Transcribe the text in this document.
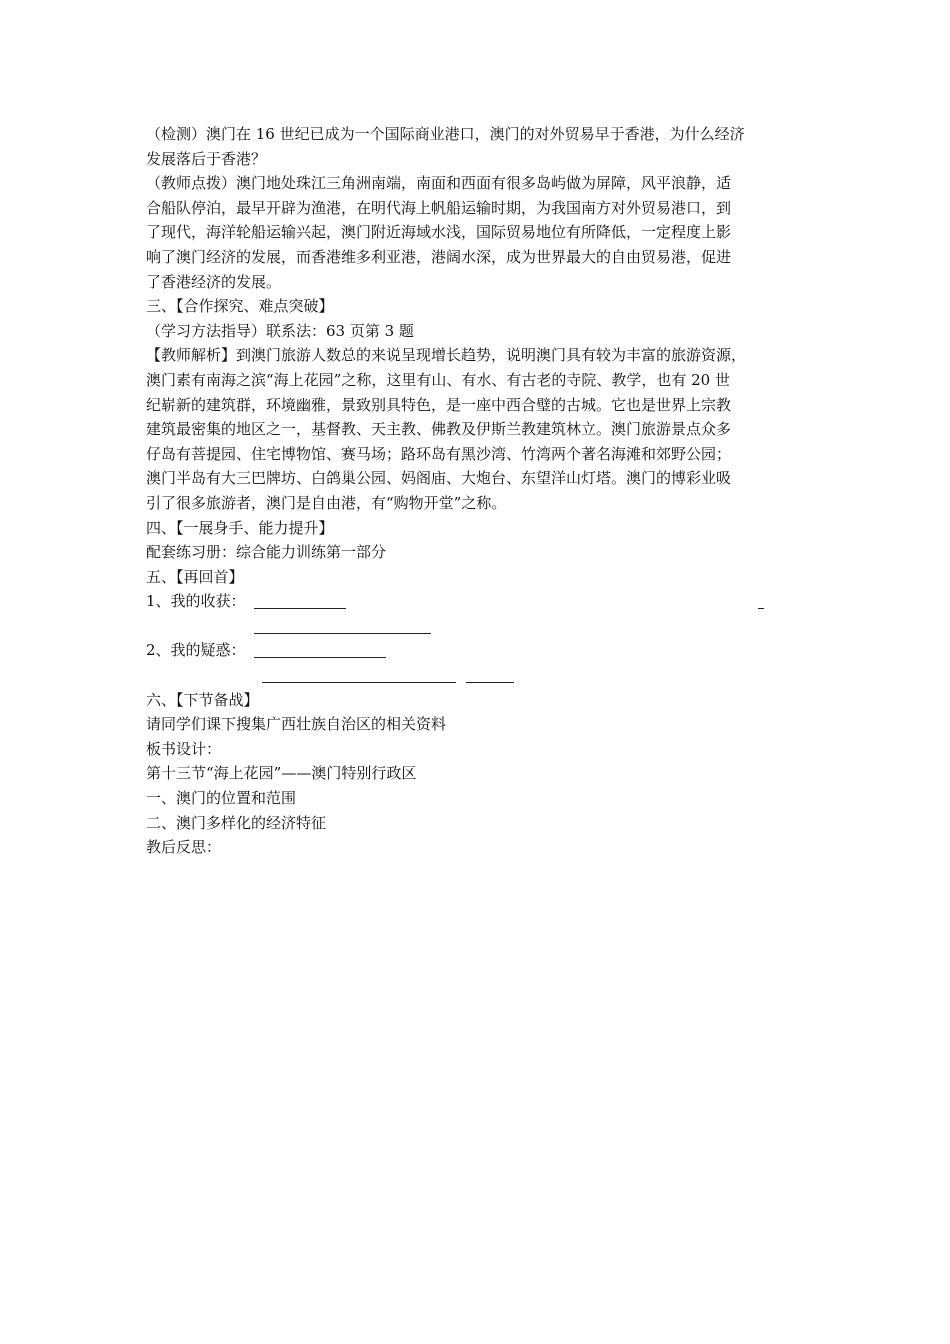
（检测）澳门在 16 世纪已成为一个国际商业港口，澳门的对外贸易早于香港，为什么经济
发展落后于香港？
（教师点拨）澳门地处珠江三角洲南端，南面和西面有很多岛屿做为屏障，风平浪静，适
合船队停泊，最早开辟为渔港，在明代海上帆船运输时期，为我国南方对外贸易港口，到
了现代，海洋轮船运输兴起，澳门附近海域水浅，国际贸易地位有所降低，一定程度上影
响了澳门经济的发展，而香港维多利亚港，港阔水深，成为世界最大的自由贸易港，促进
了香港经济的发展。
三、【合作探究、难点突破】
（学习方法指导）联系法：63 页第 3 题
【教师解析】到澳门旅游人数总的来说呈现增长趋势，说明澳门具有较为丰富的旅游资源，
澳门素有南海之滨“海上花园”之称，这里有山、有水、有古老的寺院、教学，也有 20 世
纪崭新的建筑群，环境幽雅，景致别具特色，是一座中西合璧的古城。它也是世界上宗教
建筑最密集的地区之一，基督教、天主教、佛教及伊斯兰教建筑林立。澳门旅游景点众多
仔岛有菩提园、住宅博物馆、赛马场；路环岛有黑沙湾、竹湾两个著名海滩和郊野公园；
澳门半岛有大三巴牌坊、白鸽巢公园、妈阁庙、大炮台、东望洋山灯塔。澳门的博彩业吸
引了很多旅游者，澳门是自由港，有“购物开堂”之称。
四、【一展身手、能力提升】
配套练习册：综合能力训练第一部分
五、【再回首】
1、我的收获：
2、我的疑惑：
六、【下节备战】
请同学们课下搜集广西壮族自治区的相关资料
板书设计：
第十三节“海上花园”——澳门特别行政区
一、澳门的位置和范围
二、澳门多样化的经济特征
教后反思：
